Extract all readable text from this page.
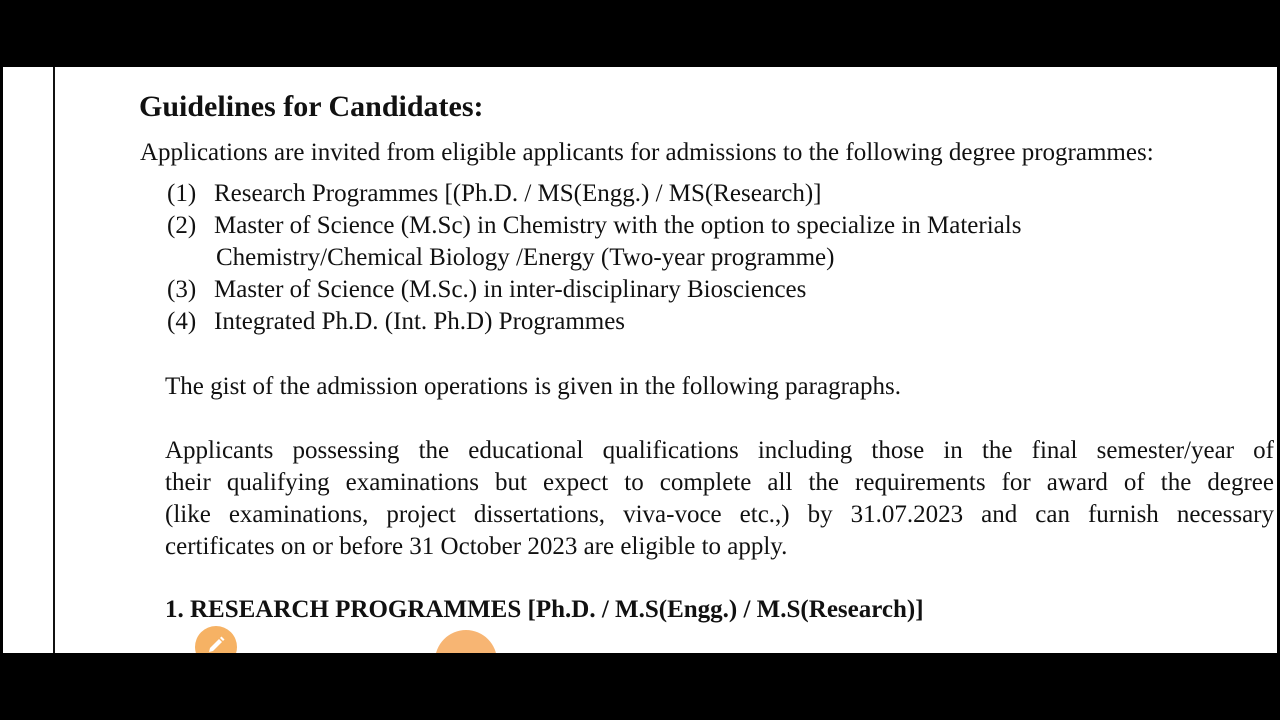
Guidelines for Candidates:
Applications are invited from eligible applicants for admissions to the following degree programmes:
(1) Research Programmes [(Ph.D. / MS(Engg.) / MS(Research)]
(2) Master of Science (M.Sc) in Chemistry with the option to specialize in Materials
Chemistry/Chemical Biology /Energy (Two-year programme)
(3) Master of Science (M.Sc.) in inter-disciplinary Biosciences
(4) Integrated Ph.D. (Int. Ph.D) Programmes
The gist of the admission operations is given in the following paragraphs.
Applicants possessing the educational qualifications including those in the final semester/year of
their qualifying examinations but expect to complete all the requirements for award of the degree
(like examinations, project dissertations, viva-voce etc.,) by 31.07.2023 and can furnish necessary
certificates on or before 31 October 2023 are eligible to apply.
1. RESEARCH PROGRAMMES [Ph.D. / M.S(Engg.) / M.S(Research)]
